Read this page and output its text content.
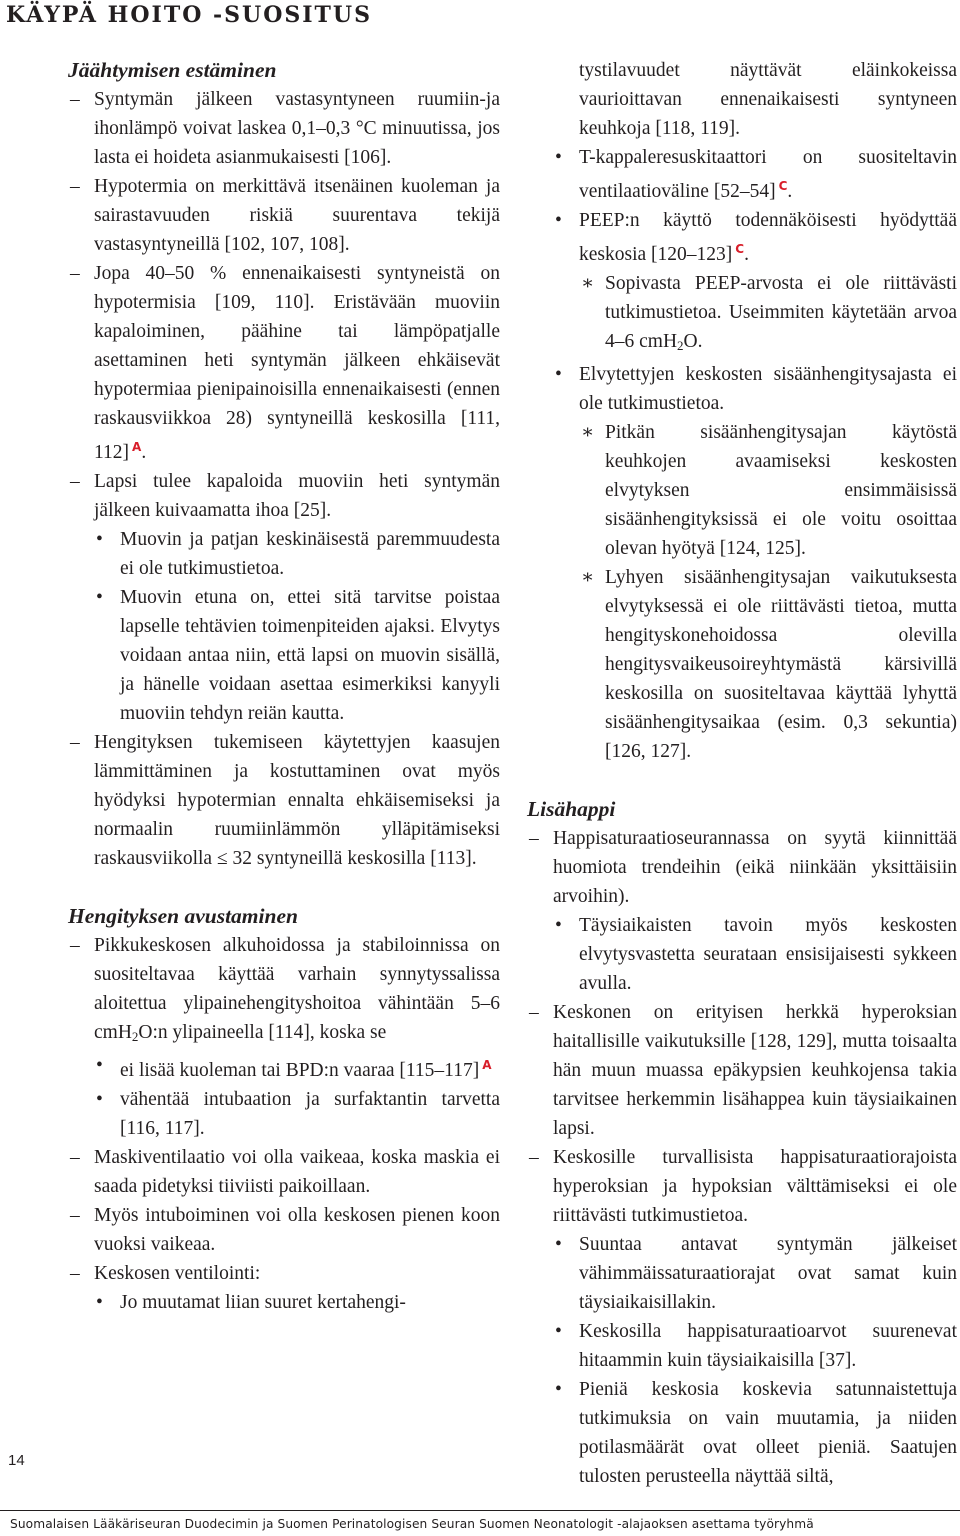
KÄYPÄ HOITO -SUOSITUS
Jäähtymisen estäminen
– Syntymän jälkeen vastasyntyneen ruumiin-ja ihonlämpö voivat laskea 0,1–0,3 °C minuutissa, jos lasta ei hoideta asianmukaisesti [106].
– Hypotermia on merkittävä itsenäinen kuoleman ja sairastavuuden riskiä suurentava tekijä vastasyntyneillä [102, 107, 108].
– Jopa 40–50 % ennenaikaisesti syntyneistä on hypotermisia [109, 110]. Eristävään muoviin kapaloiminen, päähine tai lämpöpatjalle asettaminen heti syntymän jälkeen ehkäisevät hypotermiaa pienipainoisilla ennenaikaisesti (ennen raskausviikkoa 28) syntyneillä keskosilla [111, 112] $^A$.
– Lapsi tulee kapaloida muoviin heti syntymän jälkeen kuivaamatta ihoa [25].
• Muovin ja patjan keskinäisestä paremmuudesta ei ole tutkimustietoa.
• Muovin etuna on, ettei sitä tarvitse poistaa lapselle tehtävien toimenpiteiden ajaksi. Elvytys voidaan antaa niin, että lapsi on muovin sisällä, ja hänelle voidaan asettaa esimerkiksi kanyyli muoviin tehdyn reiän kautta.
– Hengityksen tukemiseen käytettyjen kaasujen lämmittäminen ja kostuttaminen ovat myös hyödyksi hypotermian ennalta ehkäisemiseksi ja normaalin ruumiinlämmön ylläpitämiseksi raskausviikolla ≤ 32 syntyneillä keskosilla [113].
Hengityksen avustaminen
– Pikkukeskosen alkuhoidossa ja stabiloinnissa on suositeltavaa käyttää varhain synnytyssalissa aloitettua ylipainehengityshoitoa vähintään 5–6 cmH$_2$O:n ylipaineella [114], koska se
• ei lisää kuoleman tai BPD:n vaaraa [115–117] $^A$
• vähentää intubaation ja surfaktantin tarvetta [116, 117].
– Maskiventilaatio voi olla vaikeaa, koska maskia ei saada pidetyksi tiiviisti paikoillaan.
– Myös intuboiminen voi olla keskosen pienen koon vuoksi vaikeaa.
– Keskosen ventilointi:
• Jo muutamat liian suuret kertahengi-
tystilavuudet näyttävät eläinkokeissa vaurioittavan ennenaikaisesti syntyneen keuhkoja [118, 119].
• T-kappaleresuskitaattori on suositeltavin ventilaatioväline [52–54] $^C$.
• PEEP:n käyttö todennäköisesti hyödyttää keskosia [120–123] $^C$.
∗ Sopivasta PEEP-arvosta ei ole riittävästi tutkimustietoa. Useimmiten käytetään arvoa 4–6 cmH$_2$O.
• Elvytettyjen keskosten sisäänhengitysajasta ei ole tutkimustietoa.
∗ Pitkän sisäänhengitysajan käytöstä keuhkojen avaamiseksi keskosten elvytyksen ensimmäisissä sisäänhengityksissä ei ole voitu osoittaa olevan hyötyä [124, 125].
∗ Lyhyen sisäänhengitysajan vaikutuksesta elvytyksessä ei ole riittävästi tietoa, mutta hengityskonehoidossa olevilla hengitysvaikeusoireyhtymästä kärsivillä keskosilla on suositeltavaa käyttää lyhyttä sisäänhengitysaikaa (esim. 0,3 sekuntia) [126, 127].
Lisähappi
– Happisaturaatioseurannassa on syytä kiinnittää huomiota trendeihin (eikä niinkään yksittäisiin arvoihin).
• Täysiaikaisten tavoin myös keskosten elvytysvastetta seurataan ensisijaisesti sykkeen avulla.
– Keskonen on erityisen herkkä hyperoksian haitallisille vaikutuksille [128, 129], mutta toisaalta hän muun muassa epäkypsien keuhkojensa takia tarvitsee herkemmin lisähappea kuin täysiaikainen lapsi.
– Keskosille turvallisista happisaturaatiorajoista hyperoksian ja hypoksian välttämiseksi ei ole riittävästi tutkimustietoa.
• Suuntaa antavat syntymän jälkeiset vähimmäissaturaatiorajat ovat samat kuin täysiaikaisillakin.
• Keskosilla happisaturaatioarvot suurenevat hitaammin kuin täysiaikaisilla [37].
• Pieniä keskosia koskevia satunnaistettuja tutkimuksia on vain muutamia, ja niiden potilasmäärät ovat olleet pieniä. Saatujen tulosten perusteella näyttää siltä,
14
Suomalaisen Lääkäriseuran Duodecimin ja Suomen Perinatologisen Seuran Suomen Neonatologit -alajaoksen asettama työryhmä
